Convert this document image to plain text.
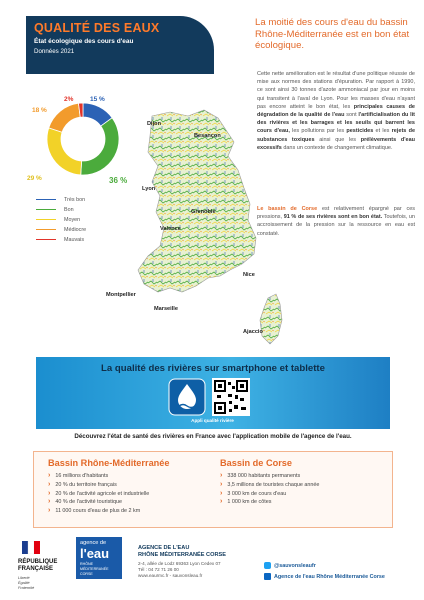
QUALITÉ DES EAUX
État écologique des cours d'eau
Données 2021
2%	15 %
18 %
29 %	36 %
Très bon
Bon
Moyen
Médiocre
Mauvais
La moitié des cours d'eau du bassin Rhône-Méditerranée est en bon état écologique.
Cette nette amélioration est le résultat d'une politique réussie de mise aux normes des stations d'épuration. Par rapport à 1990, ce sont ainsi 30 tonnes d'azote ammoniacal par jour en moins qui transitent à l'aval de Lyon. Pour les masses d'eau n'ayant pas encore atteint le bon état, les principales causes de dégradation de la qualité de l'eau sont l'artificialisation du lit des rivières et les barrages et les seuils qui barrent les cours d'eau, les pollutions par les pesticides et les rejets de substances toxiques ainsi que les prélèvements d'eau excessifs dans un contexte de changement climatique.
Le bassin de Corse est relativement épargné par ces pressions, 91 % de ses rivières sont en bon état. Toutefois, un accroissement de la pression sur la ressource en eau est constaté.
Dijon
Besançon
Lyon
Grenoble
Valence
Nice
Montpellier
Marseille
Ajaccio
La qualité des rivières sur smartphone et tablette
Appli qualité rivière
Découvrez l'état de santé des rivières en France avec l'application mobile de l'agence de l'eau.
Bassin Rhône-Méditerranée
› 16 millions d'habitants
› 20 % du territoire français
› 20 % de l'activité agricole et industrielle
› 40 % de l'activité touristique
› 11 000 cours d'eau de plus de 2 km
Bassin de Corse
› 338 000 habitants permanents
› 3,5 millions de touristes chaque année
› 3 000 km de cours d'eau
› 1 000 km de côtes
RÉPUBLIQUE
FRANÇAISE
Liberté
Égalité
Fraternité
agence de
l'eau
RHÔNE
MÉDITERRANÉE
CORSE
AGENCE DE L'EAU
RHÔNE MÉDITERRANÉE CORSE
2-4, allée de Lodz 69363 Lyon Cedex 07
Tél : 04 72 71 26 00
www.eaurmc.fr - sauvonsleau.fr
@sauvonsleaufr
Agence de l'eau Rhône Méditerranée Corse
